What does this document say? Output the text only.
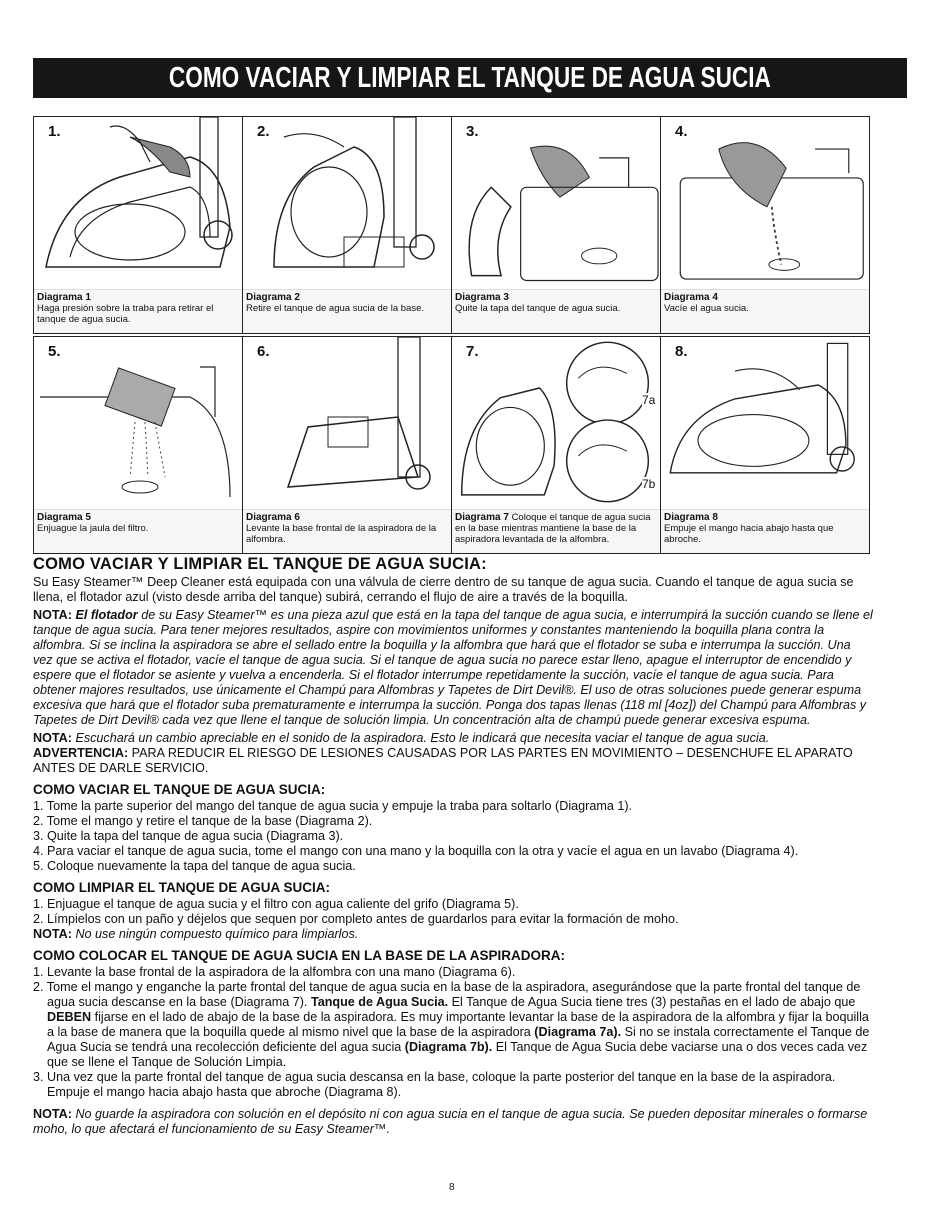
COMO VACIAR Y LIMPIAR EL TANQUE DE AGUA SUCIA
1.
Diagrama 1
Haga presión sobre la traba para retirar el tanque de agua sucia.
2.
Diagrama 2
Retire el tanque de agua sucia de la base.
3.
Diagrama 3
Quite la tapa del tanque de agua sucia.
4.
Diagrama 4
Vacíe el agua sucia.
5.
Diagrama 5
Enjuague la jaula del filtro.
6.
Diagrama 6
Levante la base frontal de la aspiradora de la alfombra.
7.
7a
7b
Diagrama 7 Coloque el tanque de agua sucia en la base mientras mantiene la base de la aspiradora levantada de la alfombra.
8.
Diagrama 8
Empuje el mango hacia abajo hasta que abroche.
COMO VACIAR Y LIMPIAR EL TANQUE DE AGUA SUCIA:

Su Easy Steamer™ Deep Cleaner está equipada con una válvula de cierre dentro de su tanque de agua sucia. Cuando el tanque de agua sucia se llena, el flotador azul (visto desde arriba del tanque) subirá, cerrando el flujo de aire a través de la boquilla.

NOTA: El flotador de su Easy Steamer™ es una pieza azul que está en la tapa del tanque de agua sucia, e interrumpirá la succión cuando se llene el tanque de agua sucia. Para tener mejores resultados, aspire con movimientos uniformes y constantes manteniendo la boquilla plana contra la alfombra. Si se inclina la aspiradora se abre el sellado entre la boquilla y la alfombra que hará que el flotador se suba e interrumpa la succión. Una vez que se activa el flotador, vacíe el tanque de agua sucia. Si el tanque de agua sucia no parece estar lleno, apague el interruptor de encendido y espere que el flotador se asiente y vuelva a encenderla. Si el flotador interrumpe repetidamente la succión, vacíe el tanque de agua sucia. Para obtener majores resultados, use únicamente el Champú para Alfombras y Tapetes de Dirt Devil®. El uso de otras soluciones puede generar espuma excesiva que hará que el flotador suba prematuramente e interrumpa la succión. Ponga dos tapas llenas (118 ml [4oz]) del Champú para Alfombras y Tapetes de Dirt Devil® cada vez que llene el tanque de solución limpia. Un concentración alta de champú puede generar excesiva espuma.

NOTA: Escuchará un cambio apreciable en el sonido de la aspiradora. Esto le indicará que necesita vaciar el tanque de agua sucia.

ADVERTENCIA: PARA REDUCIR EL RIESGO DE LESIONES CAUSADAS POR LAS PARTES EN MOVIMIENTO – DESENCHUFE EL APARATO ANTES DE DARLE SERVICIO.

COMO VACIAR EL TANQUE DE AGUA SUCIA:
1. Tome la parte superior del mango del tanque de agua sucia y empuje la traba para soltarlo (Diagrama 1).
2. Tome el mango y retire el tanque de la base (Diagrama 2).
3. Quite la tapa del tanque de agua sucia (Diagrama 3).
4. Para vaciar el tanque de agua sucia, tome el mango con una mano y la boquilla con la otra y vacíe el agua en un lavabo (Diagrama 4).
5. Coloque nuevamente la tapa del tanque de agua sucia.
COMO LIMPIAR EL TANQUE DE AGUA SUCIA:
1. Enjuague el tanque de agua sucia y el filtro con agua caliente del grifo (Diagrama 5).
2. Límpielos con un paño y déjelos que sequen por completo antes de guardarlos para evitar la formación de moho.

NOTA: No use ningún compuesto químico para limpiarlos.

COMO COLOCAR EL TANQUE DE AGUA SUCIA EN LA BASE DE LA ASPIRADORA:
1. Levante la base frontal de la aspiradora de la alfombra con una mano (Diagrama 6).
2. Tome el mango y enganche la parte frontal del tanque de agua sucia en la base de la aspiradora, asegurándose que la parte frontal del tanque de agua sucia descanse en la base (Diagrama 7). Tanque de Agua Sucia. El Tanque de Agua Sucia tiene tres (3) pestañas en el lado de abajo que DEBEN fijarse en el lado de abajo de la base de la aspiradora. Es muy importante levantar la base de la aspiradora de la alfombra y fijar la boquilla a la base de manera que la boquilla quede al mismo nivel que la base de la aspiradora (Diagrama 7a). Si no se instala correctamente el Tanque de Agua Sucia se tendrá una recolección deficiente del agua sucia (Diagrama 7b). El Tanque de Agua Sucia debe vaciarse una o dos veces cada vez que se llene el Tanque de Solución Limpia.
3. Una vez que la parte frontal del tanque de agua sucia descansa en la base, coloque la parte posterior del tanque en la base de la aspiradora. Empuje el mango hacia abajo hasta que abroche (Diagrama 8).

NOTA: No guarde la aspiradora con solución en el depósito ni con agua sucia en el tanque de agua sucia. Se pueden depositar minerales o formarse moho, lo que afectará el funcionamiento de su Easy Steamer™.

8
